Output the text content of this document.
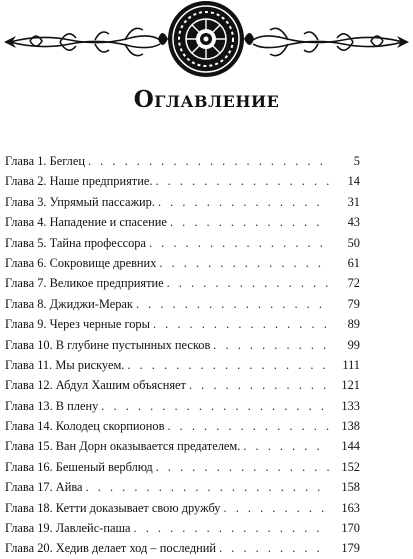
Оглавление
Глава 1. Беглец . . .	5
Глава 2. Наше предприятие. . . .	14
Глава 3. Упрямый пассажир. . . .	31
Глава 4. Нападение и спасение . . .	43
Глава 5. Тайна профессора . . .	50
Глава 6. Сокровище древних . . .	61
Глава 7. Великое предприятие . . .	72
Глава 8. Джиджи-Мерак . . .	79
Глава 9. Через черные горы . . .	89
Глава 10. В глубине пустынных песков . . .	99
Глава 11. Мы рискуем. . . .	111
Глава 12. Абдул Хашим объясняет . . .	121
Глава 13. В плену . . .	133
Глава 14. Колодец скорпионов . . .	138
Глава 15. Ван Дорн оказывается предателем. . . .	144
Глава 16. Бешеный верблюд . . .	152
Глава 17. Айва . . .	158
Глава 18. Кетти доказывает свою дружбу . . .	163
Глава 19. Лавлейс-паша . . .	170
Глава 20. Хедив делает ход – последний . . .	179
